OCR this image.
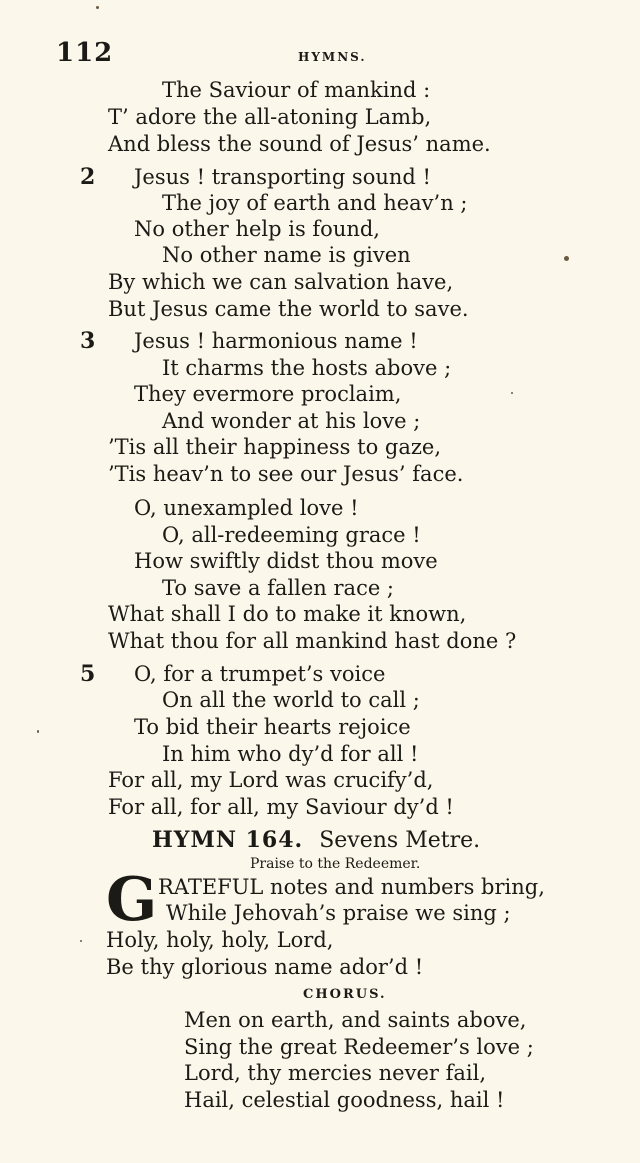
112	HYMNS.
The Saviour of mankind :
T’ adore the all-atoning Lamb,
And bless the sound of Jesus’ name.
2 Jesus ! transporting sound !
The joy of earth and heav’n ;
No other help is found,
No other name is given
By which we can salvation have,
But Jesus came the world to save.
3 Jesus ! harmonious name !
It charms the hosts above ;
They evermore proclaim,
And wonder at his love ;
’Tis all their happiness to gaze,
’Tis heav’n to see our Jesus’ face.
O, unexampled love !
O, all-redeeming grace !
How swiftly didst thou move
To save a fallen race ;
What shall I do to make it known,
What thou for all mankind hast done ?
5 O, for a trumpet’s voice
On all the world to call ;
To bid their hearts rejoice
In him who dy’d for all !
For all, my Lord was crucify’d,
For all, for all, my Saviour dy’d !
HYMN 164. Sevens Metre.
Praise to the Redeemer.
G RATEFUL notes and numbers bring,
While Jehovah’s praise we sing ;
Holy, holy, holy, Lord,
Be thy glorious name ador’d !
CHORUS.
Men on earth, and saints above,
Sing the great Redeemer’s love ;
Lord, thy mercies never fail,
Hail, celestial goodness, hail !
